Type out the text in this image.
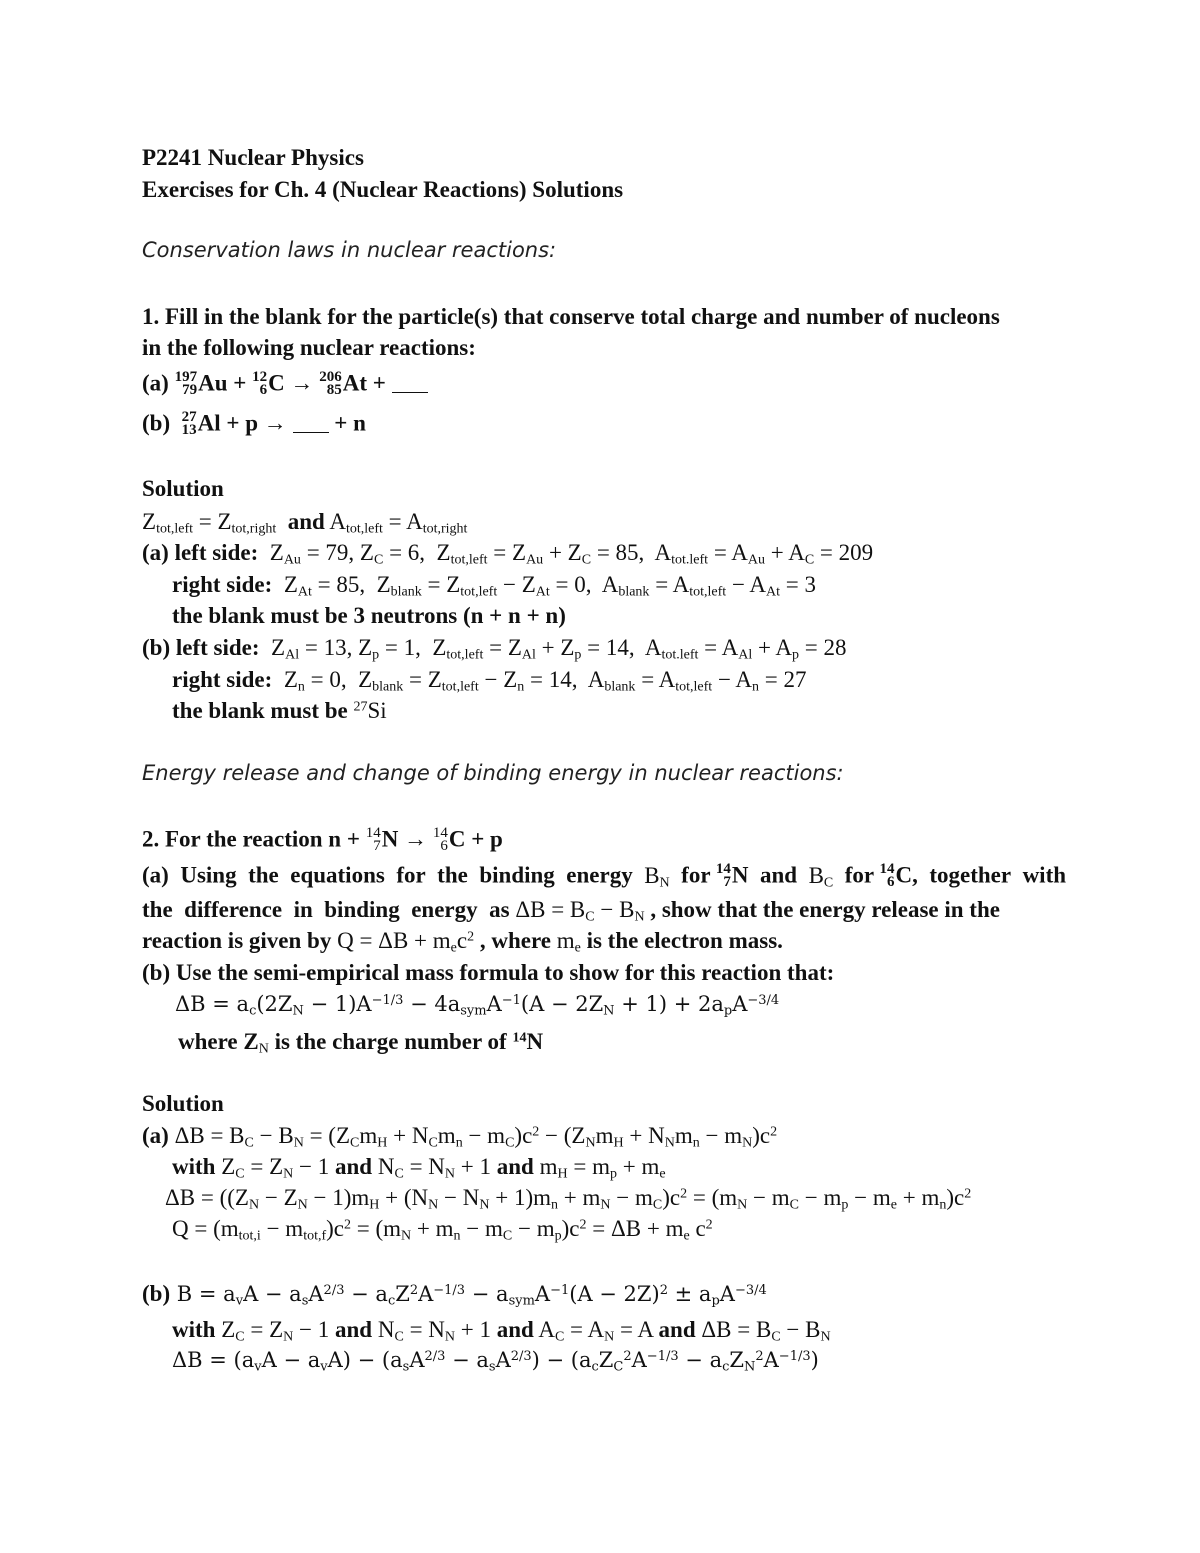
P2241 Nuclear Physics
Exercises for Ch. 4 (Nuclear Reactions) Solutions
Conservation laws in nuclear reactions:
1. Fill in the blank for the particle(s) that conserve total charge and number of nucleons
in the following nuclear reactions:
(a) 197
79 Au + 12
6 C → 206
85 At +
(b) 27
13 Al + p → + n
Solution
$Z_{tot,left} = Z_{tot,right}$ and $A_{tot,left} = A_{tot,right}$
(a) left side:  $Z_{Au} = 79$, $Z_C = 6$,  $Z_{tot,left} = Z_{Au} + Z_C = 85$,  $A_{tot.left} = A_{Au} + A_C = 209$
right side:  $Z_{At} = 85$,  $Z_{blank} = Z_{tot,left} - Z_{At} = 0$,  $A_{blank} = A_{tot,left} - A_{At} = 3$
the blank must be 3 neutrons (n + n + n)
(b) left side:  $Z_{Al} = 13$, $Z_p = 1$,  $Z_{tot,left} = Z_{Al} + Z_p = 14$,  $A_{tot.left} = A_{Al} + A_p = 28$
right side:  $Z_n = 0$,  $Z_{blank} = Z_{tot,left} - Z_n = 14$,  $A_{blank} = A_{tot,left} - A_n = 27$
the blank must be $^{27}$Si
Energy release and change of binding energy in nuclear reactions:
2. For the reaction n + 14
7 N → 14
6 C + p
(a)  Using  the  equations  for  the  binding  energy  $B_N$  for 14
7 N  and  $B_C$  for 14
6 C,  together  with
the  difference  in  binding  energy  as $\Delta B = B_C - B_N$ , show that the energy release in the
reaction is given by $Q = \Delta B + m_ec^2$ , where $m_e$ is the electron mass.
(b) Use the semi-empirical mass formula to show for this reaction that:
$\Delta B = a_c(2Z_N - 1)A^{-1/3} - 4a_{sym}A^{-1}(A - 2Z_N + 1) + 2a_pA^{-3/4}$
where $Z_N$ is the charge number of $^{14}$N
Solution
(a) $\Delta B = B_C - B_N = (Z_Cm_H + N_Cm_n - m_C)c^2 - (Z_Nm_H + N_Nm_n - m_N)c^2$
with $Z_C = Z_N - 1$ and $N_C = N_N + 1$ and $m_H = m_p + m_e$
$\Delta B = ((Z_N - Z_N - 1)m_H + (N_N - N_N + 1)m_n + m_N - m_C)c^2 = (m_N - m_C - m_p - m_e + m_n)c^2$
$Q = (m_{tot,i} - m_{tot,f})c^2 = (m_N + m_n - m_C - m_p)c^2 = \Delta B + m_e$ $c^2$
(b) $B = a_vA - a_sA^{2/3} - a_cZ^2A^{-1/3} - a_{sym}A^{-1}(A - 2Z)^2 \pm a_pA^{-3/4}$
with $Z_C = Z_N - 1$ and $N_C = N_N + 1$ and $A_C = A_N = A$ and $\Delta B = B_C - B_N$
$\Delta B = (a_vA - a_vA) - (a_sA^{2/3} - a_sA^{2/3}) - (a_cZ_C^2A^{-1/3} - a_cZ_N^2A^{-1/3})$
